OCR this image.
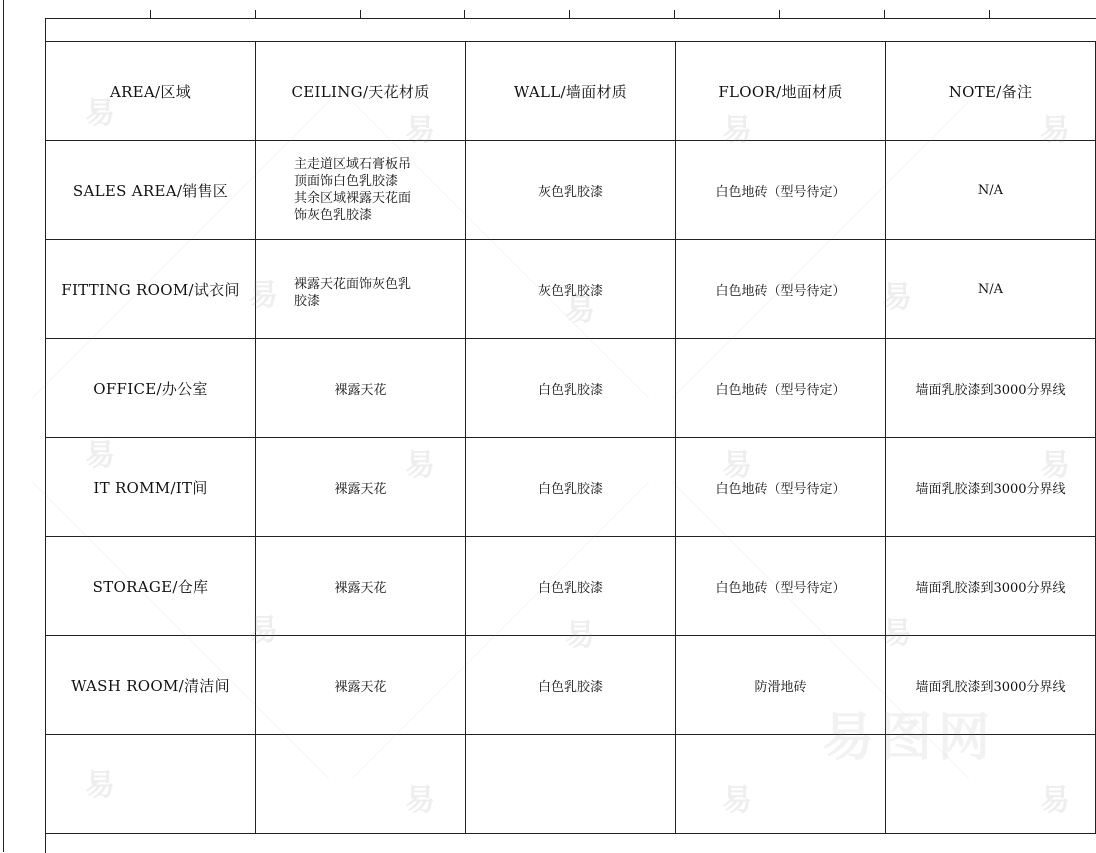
AREA/区域	CEILING/天花材质	WALL/墙面材质	FLOOR/地面材质	NOTE/备注
SALES AREA/销售区	主走道区域石膏板吊
顶面饰白色乳胶漆
其余区域裸露天花面
饰灰色乳胶漆	灰色乳胶漆	白色地砖（型号待定）	N/A
FITTING ROOM/试衣间	裸露天花面饰灰色乳
胶漆	灰色乳胶漆	白色地砖（型号待定）	N/A
OFFICE/办公室	裸露天花	白色乳胶漆	白色地砖（型号待定）	墙面乳胶漆到3000分界线
IT ROMM/IT间	裸露天花	白色乳胶漆	白色地砖（型号待定）	墙面乳胶漆到3000分界线
STORAGE/仓库	裸露天花	白色乳胶漆	白色地砖（型号待定）	墙面乳胶漆到3000分界线
WASH ROOM/清洁间	裸露天花	白色乳胶漆	防滑地砖	墙面乳胶漆到3000分界线

易	易	易	易
易	易	易
易	易	易	易
易	易	易
易	易	易	易
易图网
